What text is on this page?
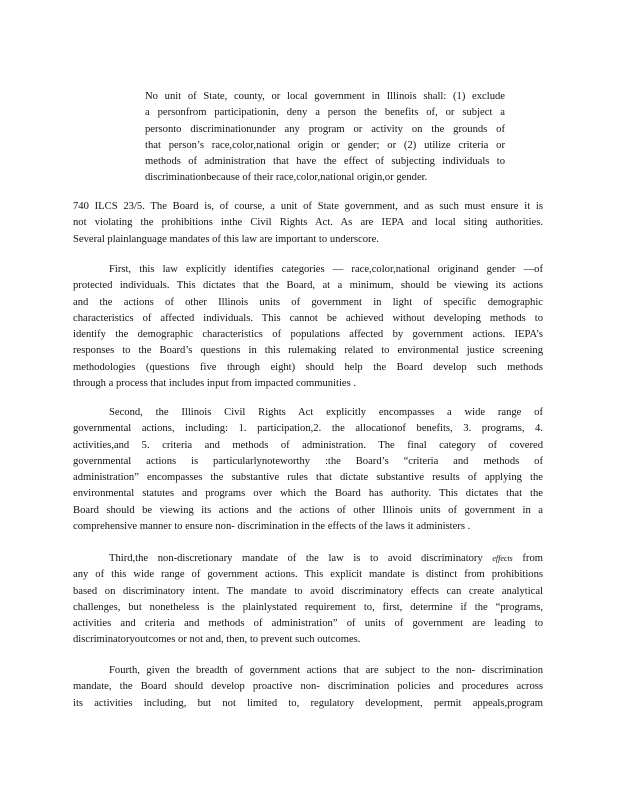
No unit of State, county, or local government in Illinois shall: (1) exclude
a personfrom participationin, deny a person the benefits of, or subject a
personto discriminationunder any program or activity on the grounds of
that person’s race,color,national origin or gender; or (2) utilize criteria or
methods of administration that have the effect of subjecting individuals to
discriminationbecause of their race,color,national origin,or gender.
740 ILCS 23/5. The Board is, of course, a unit of State government, and as such must ensure it is
not violating the prohibitions inthe Civil Rights Act. As are IEPA and local siting authorities.
Several plainlanguage mandates of this law are important to underscore.
First, this law explicitly identifies categories — race,color,national originand gender —of
protected individuals. This dictates that the Board, at a minimum, should be viewing its actions
and the actions of other Illinois units of government in light of specific demographic
characteristics of affected individuals. This cannot be achieved without developing methods to
identify the demographic characteristics of populations affected by government actions. IEPA’s
responses to the Board’s questions in this rulemaking related to environmental justice screening
methodologies (questions five through eight) should help the Board develop such methods
through a process that includes input from impacted communities .
Second, the Illinois Civil Rights Act explicitly encompasses a wide range of
governmental actions, including: 1. participation,2. the allocationof benefits, 3. programs, 4.
activities,and 5. criteria and methods of administration. The final category of covered
governmental actions is particularlynoteworthy :the Board’s “criteria and methods of
administration” encompasses the substantive rules that dictate substantive results of applying the
environmental statutes and programs over which the Board has authority. This dictates that the
Board should be viewing its actions and the actions of other Illinois units of government in a
comprehensive manner to ensure non- discrimination in the effects of the laws it administers .
Third,the non-discretionary mandate of the law is to avoid discriminatory effects from
any of this wide range of government actions. This explicit mandate is distinct from prohibitions
based on discriminatory intent. The mandate to avoid discriminatory effects can create analytical
challenges, but nonetheless is the plainlystated requirement to, first, determine if the “programs,
activities and criteria and methods of administration” of units of government are leading to
discriminatoryoutcomes or not and, then, to prevent such outcomes.
Fourth, given the breadth of government actions that are subject to the non- discrimination
mandate, the Board should develop proactive non- discrimination policies and procedures across
its activities including, but not limited to, regulatory development, permit appeals,program
